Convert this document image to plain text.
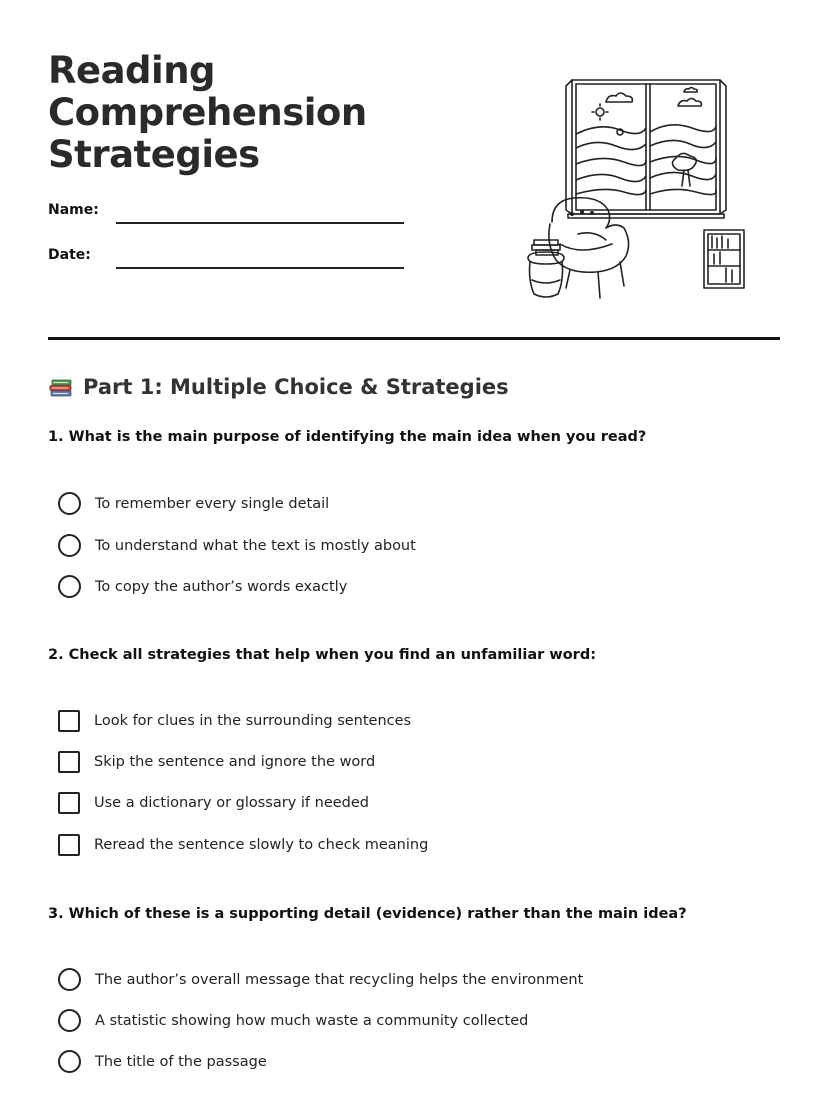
Reading
Comprehension
Strategies
Name:
Date:
Part 1: Multiple Choice & Strategies
1. What is the main purpose of identifying the main idea when you read?
To remember every single detail
To understand what the text is mostly about
To copy the author’s words exactly
2. Check all strategies that help when you find an unfamiliar word:
Look for clues in the surrounding sentences
Skip the sentence and ignore the word
Use a dictionary or glossary if needed
Reread the sentence slowly to check meaning
3. Which of these is a supporting detail (evidence) rather than the main idea?
The author’s overall message that recycling helps the environment
A statistic showing how much waste a community collected
The title of the passage
